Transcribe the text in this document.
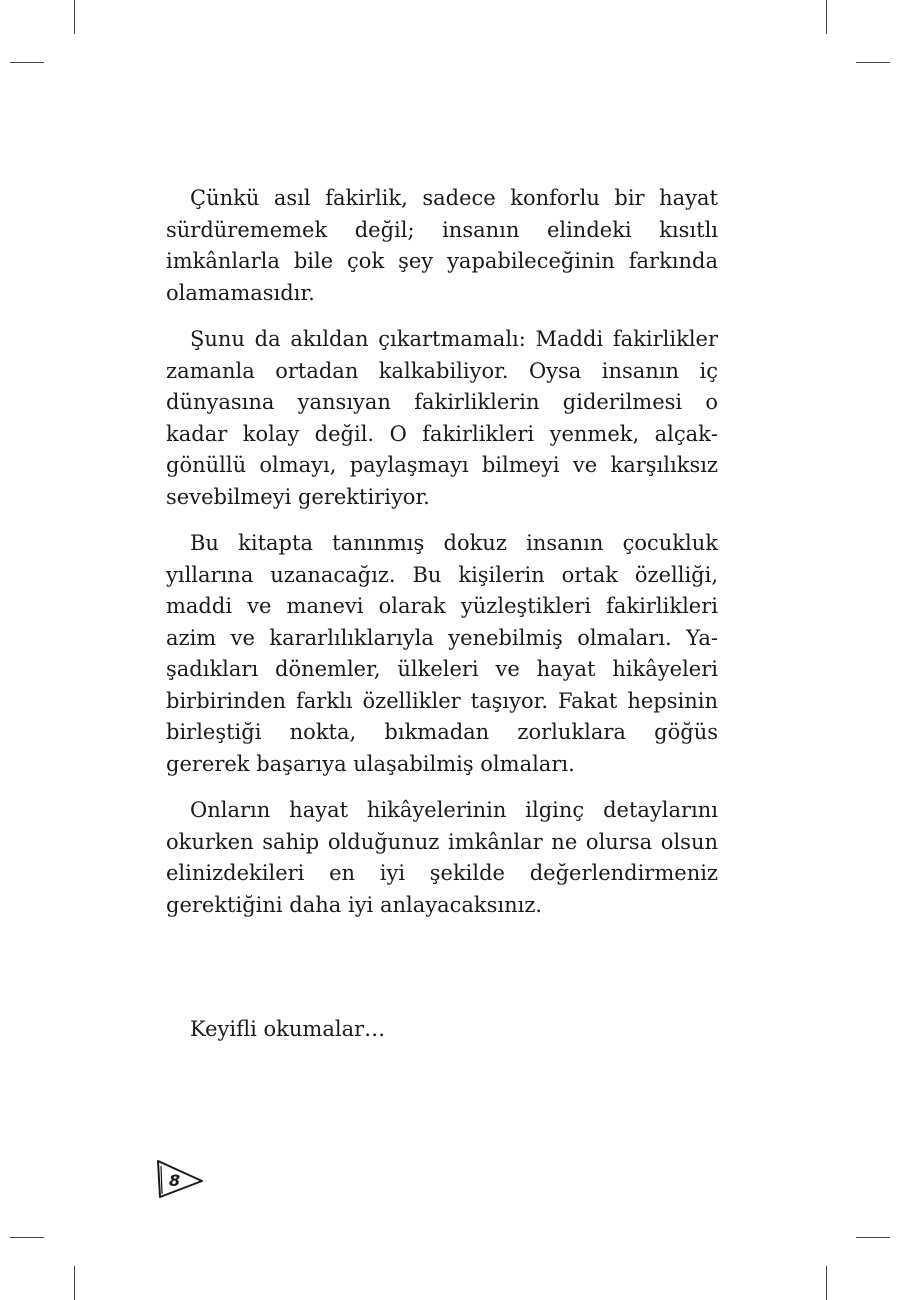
Çünkü asıl fakirlik, sadece konforlu bir hayat sürdürememek değil; insanın elindeki kısıtlı imkânlarla bile çok şey yapabileceğinin farkında olamamasıdır.

Şunu da akıldan çıkartmamalı: Maddi fakirlikler zamanla ortadan kalkabiliyor. Oysa insanın iç dünyasına yansıyan fakirliklerin giderilmesi o kadar kolay değil. O fakirlikleri yenmek, alçakgönüllü olmayı, paylaşmayı bilmeyi ve karşılıksız sevebilmeyi gerektiriyor.

Bu kitapta tanınmış dokuz insanın çocukluk yıllarına uzanacağız. Bu kişilerin ortak özelliği, maddi ve manevi olarak yüzleştikleri fakirlikleri azim ve kararlılıklarıyla yenebilmiş olmaları. Yaşadıkları dönemler, ülkeleri ve hayat hikâyeleri birbirinden farklı özellikler taşıyor. Fakat hepsinin birleştiği nokta, bıkmadan zorluklara göğüs gererek başarıya ulaşabilmiş olmaları.

Onların hayat hikâyelerinin ilginç detaylarını okurken sahip olduğunuz imkânlar ne olursa olsun elinizdekileri en iyi şekilde değerlendirmeniz gerektiğini daha iyi anlayacaksınız.

Keyifli okumalar…

8
